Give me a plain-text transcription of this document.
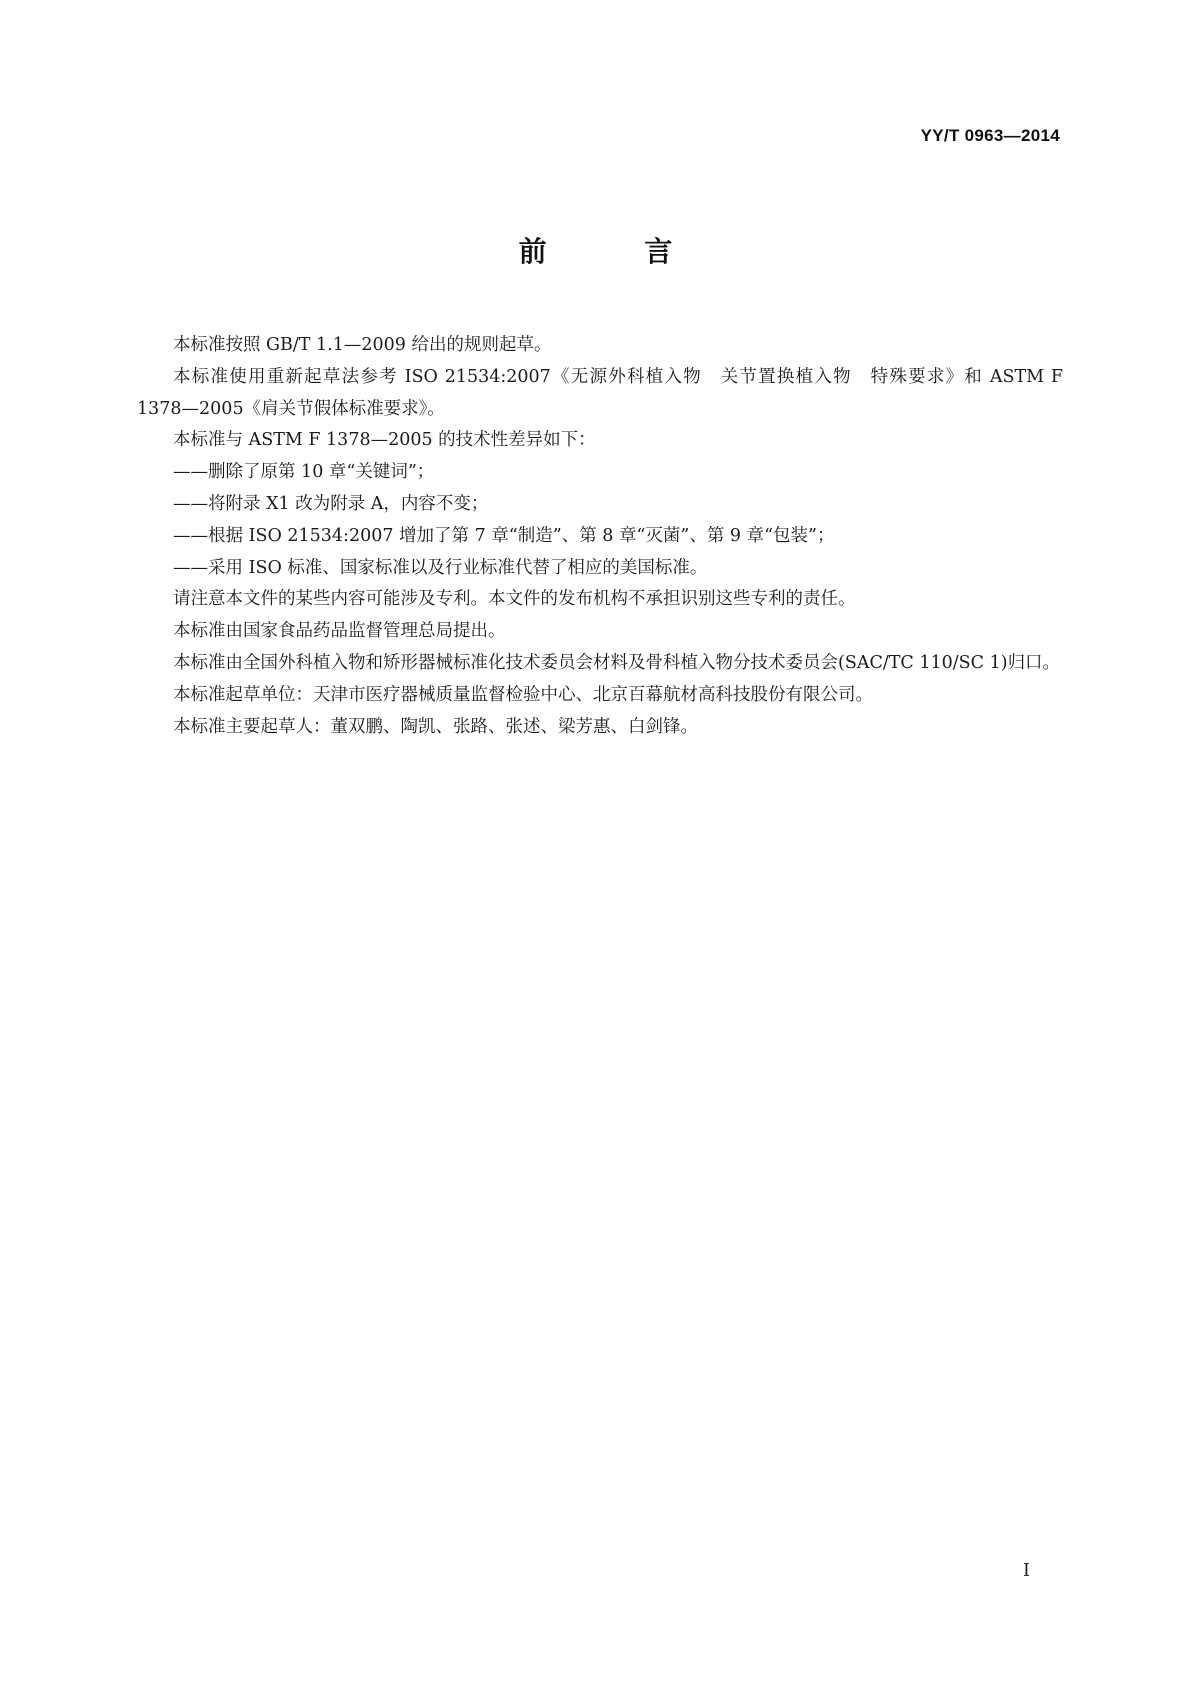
YY/T 0963—2014
前 言

本标准按照 GB/T 1.1—2009 给出的规则起草。

本标准使用重新起草法参考 ISO 21534:2007《无源外科植入物　关节置换植入物　特殊要求》和 ASTM F 1378—2005《肩关节假体标准要求》。

本标准与 ASTM F 1378—2005 的技术性差异如下：

——删除了原第 10 章“关键词”；

——将附录 X1 改为附录 A，内容不变；

——根据 ISO 21534:2007 增加了第 7 章“制造”、第 8 章“灭菌”、第 9 章“包装”；

——采用 ISO 标准、国家标准以及行业标准代替了相应的美国标准。

请注意本文件的某些内容可能涉及专利。本文件的发布机构不承担识别这些专利的责任。

本标准由国家食品药品监督管理总局提出。

本标准由全国外科植入物和矫形器械标准化技术委员会材料及骨科植入物分技术委员会(SAC/TC 110/SC 1)归口。

本标准起草单位：天津市医疗器械质量监督检验中心、北京百幕航材高科技股份有限公司。

本标准主要起草人：董双鹏、陶凯、张路、张述、梁芳惠、白剑锋。

I
